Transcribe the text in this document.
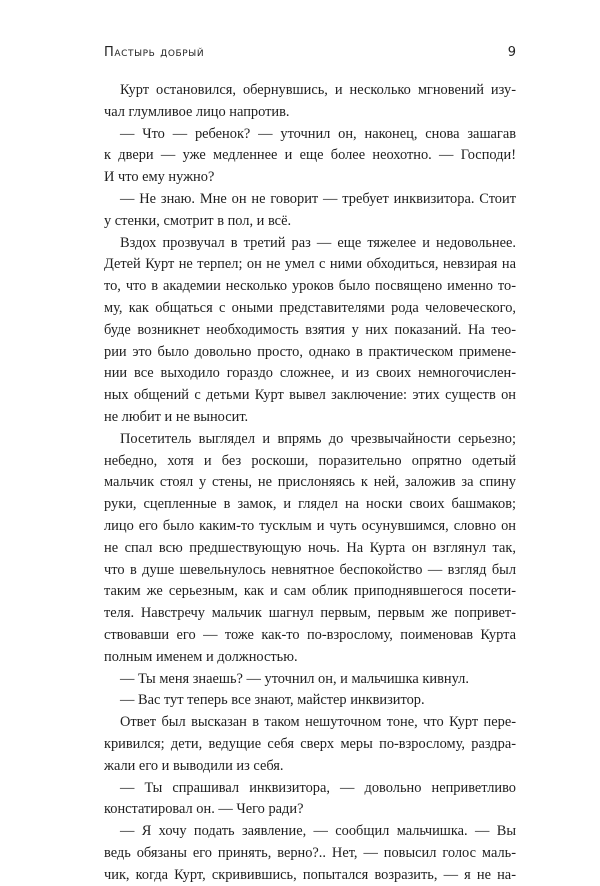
Пастырь добрый	9
Курт остановился, обернувшись, и несколько мгновений изу-
чал глумливое лицо напротив.
— Что — ребенок? — уточнил он, наконец, снова зашагав
к двери — уже медленнее и еще более неохотно. — Господи!
И что ему нужно?
— Не знаю. Мне он не говорит — требует инквизитора. Стоит
у стенки, смотрит в пол, и всё.
Вздох прозвучал в третий раз — еще тяжелее и недовольнее.
Детей Курт не терпел; он не умел с ними обходиться, невзирая на
то, что в академии несколько уроков было посвящено именно то-
му, как общаться с оными представителями рода человеческого,
буде возникнет необходимость взятия у них показаний. На тео-
рии это было довольно просто, однако в практическом примене-
нии все выходило гораздо сложнее, и из своих немногочислен-
ных общений с детьми Курт вывел заключение: этих существ он
не любит и не выносит.
Посетитель выглядел и впрямь до чрезвычайности серьезно;
небедно, хотя и без роскоши, поразительно опрятно одетый
мальчик стоял у стены, не прислоняясь к ней, заложив за спину
руки, сцепленные в замок, и глядел на носки своих башмаков;
лицо его было каким-то тусклым и чуть осунувшимся, словно он
не спал всю предшествующую ночь. На Курта он взглянул так,
что в душе шевельнулось невнятное беспокойство — взгляд был
таким же серьезным, как и сам облик приподнявшегося посети-
теля. Навстречу мальчик шагнул первым, первым же попривет-
ствовавши его — тоже как-то по-взрослому, поименовав Курта
полным именем и должностью.
— Ты меня знаешь? — уточнил он, и мальчишка кивнул.
— Вас тут теперь все знают, майстер инквизитор.
Ответ был высказан в таком нешуточном тоне, что Курт пере-
кривился; дети, ведущие себя сверх меры по-взрослому, раздра-
жали его и выводили из себя.
— Ты спрашивал инквизитора, — довольно неприветливо
констатировал он. — Чего ради?
— Я хочу подать заявление, — сообщил мальчишка. — Вы
ведь обязаны его принять, верно?.. Нет, — повысил голос маль-
чик, когда Курт, скривившись, попытался возразить, — я не на-
